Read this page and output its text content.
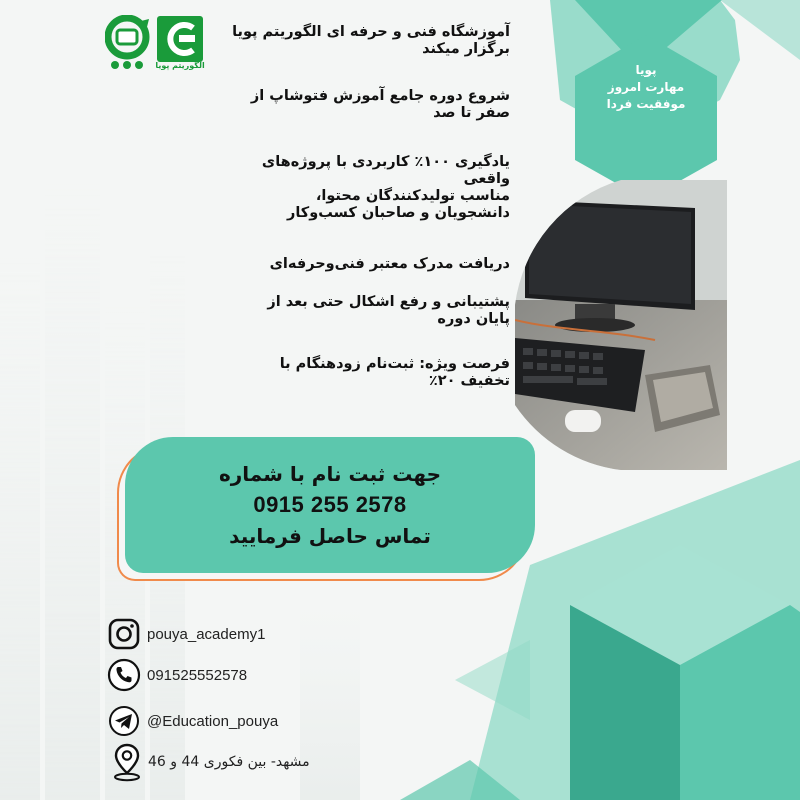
الگوریتم پویا
آموزشگاه فنی و حرفه ای الگوریتم پویا
برگزار میکند
شروع دوره جامع آموزش فتوشاپ از
صفر تا صد
یادگیری ۱۰۰٪ کاربردی با پروژه‌های
واقعی
مناسب تولیدکنندگان محتوا،
دانشجویان و صاحبان کسب‌وکار
دریافت مدرک معتبر فنی‌وحرفه‌ای
پشتیبانی و رفع اشکال حتی بعد از
پایان دوره
فرصت ویژه: ثبت‌نام زودهنگام با
تخفیف ۲۰٪
پویا
مهارت امروز
موفقیت فردا
جهت ثبت نام با شماره
0915 255 2578
تماس حاصل فرمایید
pouya_academy1
091525552578
@Education_pouya
مشهد- بین فکوری 44 و 46
